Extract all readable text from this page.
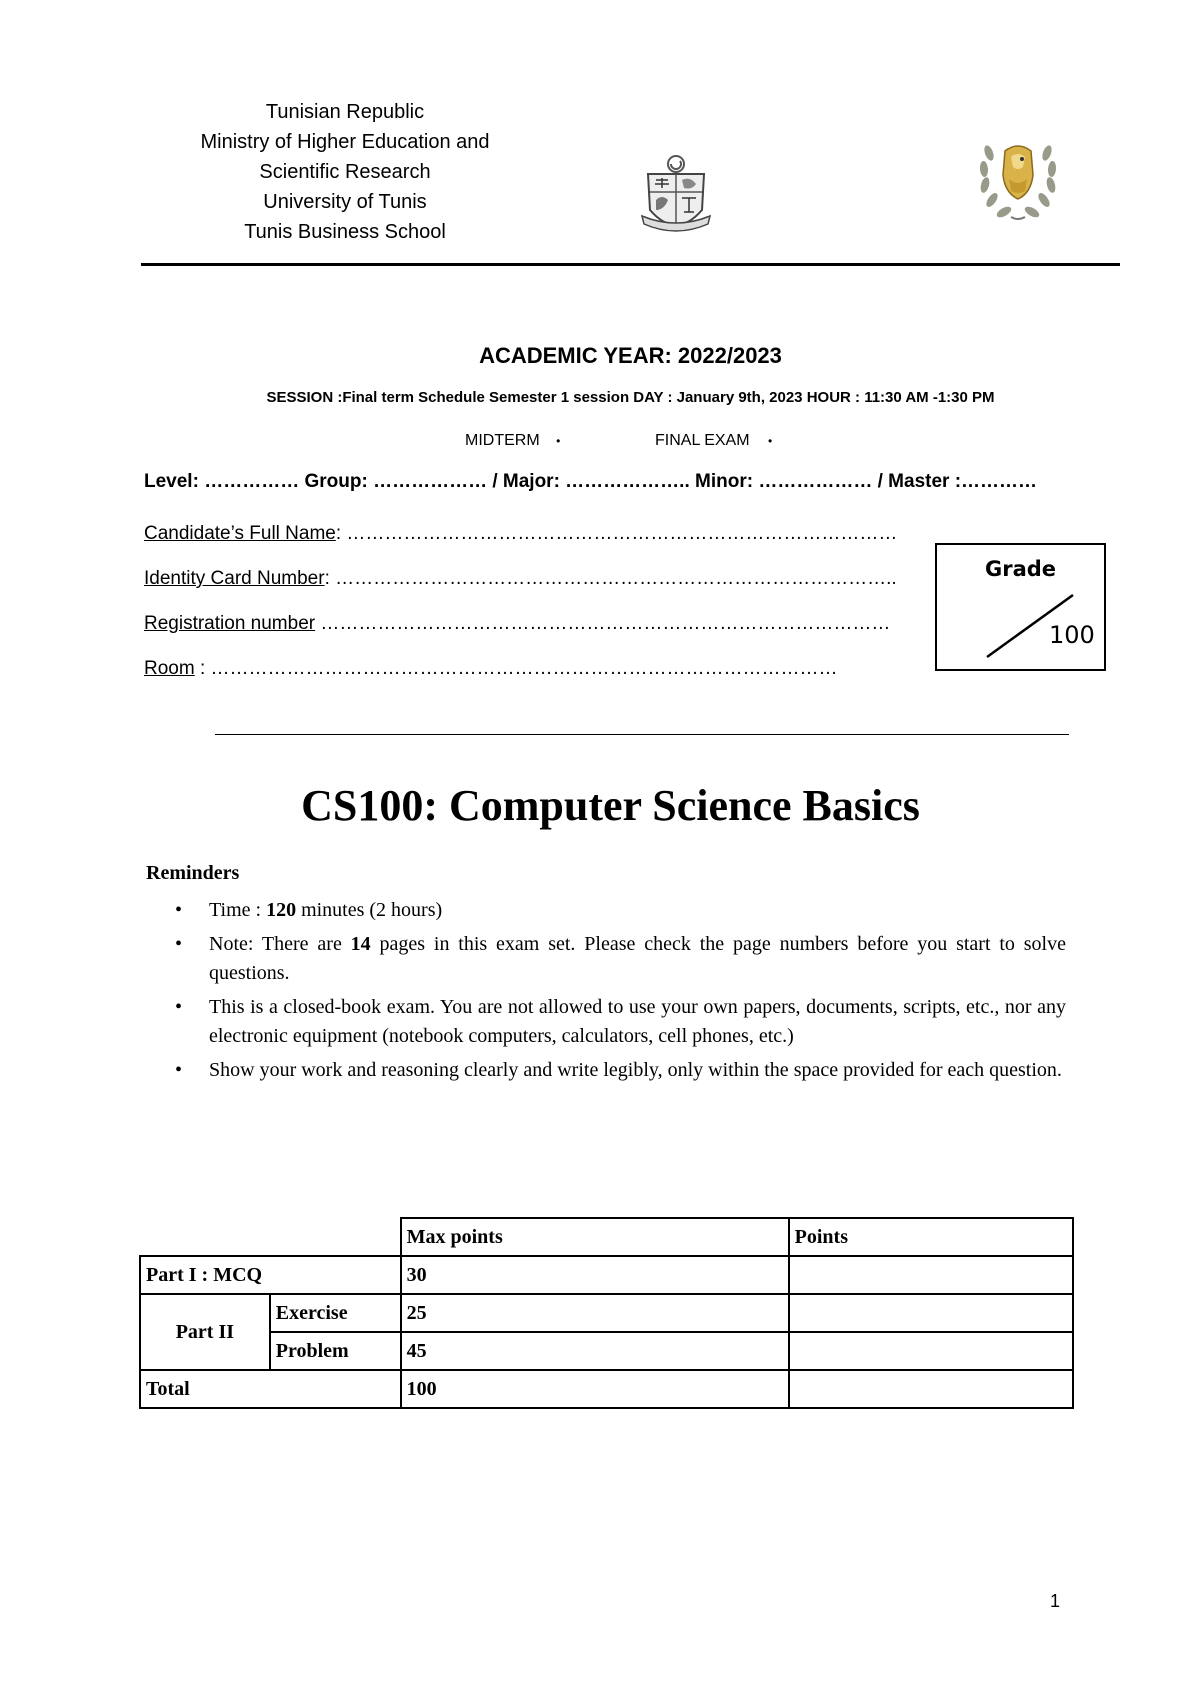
Tunisian Republic
Ministry of Higher Education and
Scientific Research
University of Tunis
Tunis Business School
ACADEMIC YEAR: 2022/2023
SESSION :Final term Schedule Semester 1 session DAY : January 9th, 2023 HOUR : 11:30 AM -1:30 PM
MIDTERM •	FINAL EXAM •
Level: …………… Group: ……………… / Major: ……………….. Minor: ……………… / Master :…………
Candidate’s Full Name: ……………………………………………………………………………
Identity Card Number: ……………………………………………………………………………..
Registration number ………………………………………………………………………………
Room : ………………………………………………………………………………………
Grade
100
CS100: Computer Science Basics
Reminders
• Time : 120 minutes (2 hours)
• Note: There are 14 pages in this exam set. Please check the page numbers before you start to solve questions.
• This is a closed-book exam. You are not allowed to use your own papers, documents, scripts, etc., nor any electronic equipment (notebook computers, calculators, cell phones, etc.)
• Show your work and reasoning clearly and write legibly, only within the space provided for each question.
		Max points	Points
Part I : MCQ		30	
Part II	Exercise	25	
	Problem	45	
Total		100	
1
